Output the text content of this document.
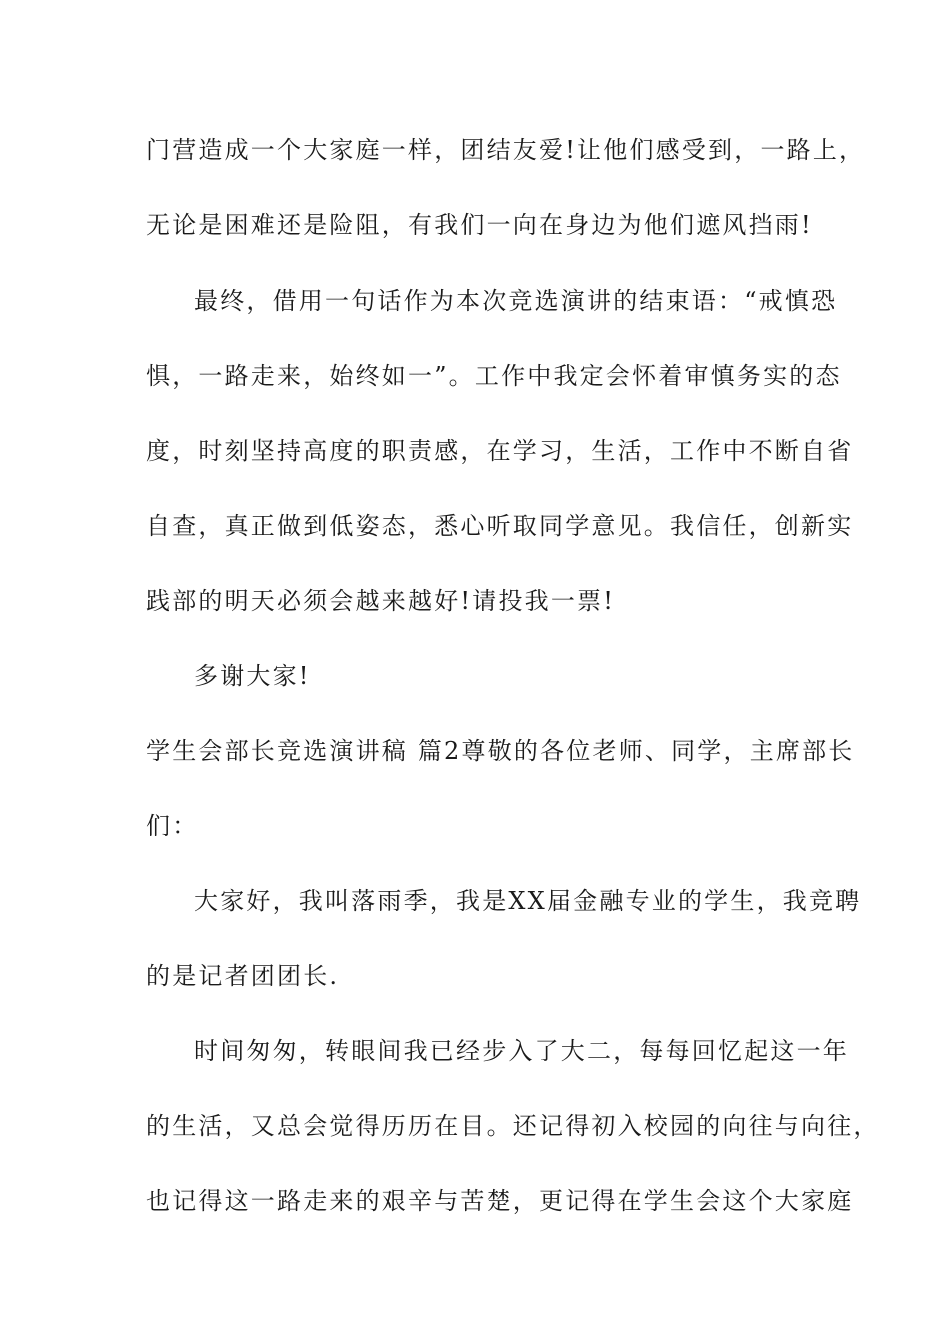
门营造成一个大家庭一样，团结友爱!让他们感受到，一路上，
无论是困难还是险阻，有我们一向在身边为他们遮风挡雨!
最终，借用一句话作为本次竞选演讲的结束语：“戒慎恐
惧，一路走来，始终如一”。工作中我定会怀着审慎务实的态
度，时刻坚持高度的职责感，在学习，生活，工作中不断自省
自查，真正做到低姿态，悉心听取同学意见。我信任，创新实
践部的明天必须会越来越好!请投我一票!
多谢大家!
学生会部长竞选演讲稿 篇2尊敬的各位老师、同学，主席部长
们：
大家好，我叫落雨季，我是XX届金融专业的学生，我竞聘
的是记者团团长.
时间匆匆，转眼间我已经步入了大二，每每回忆起这一年
的生活，又总会觉得历历在目。还记得初入校园的向往与向往，
也记得这一路走来的艰辛与苦楚，更记得在学生会这个大家庭
